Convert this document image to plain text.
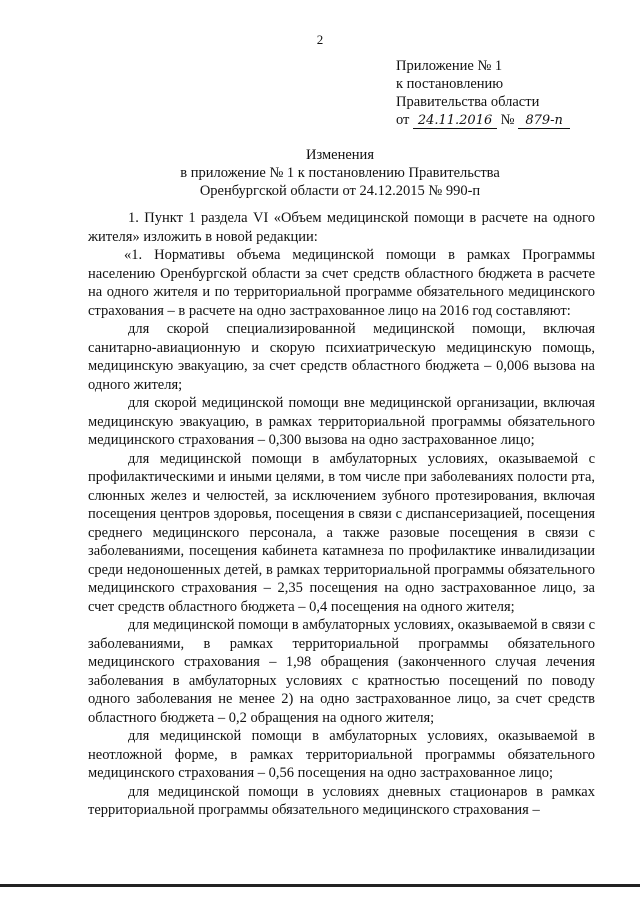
2
Приложение № 1
к постановлению
Правительства области
от 24.11.2016 № 879-п
Изменения
в приложение № 1 к постановлению Правительства
Оренбургской области от 24.12.2015 № 990-п

1. Пункт 1 раздела VI «Объем медицинской помощи в расчете на одного жителя» изложить в новой редакции:

«1. Нормативы объема медицинской помощи в рамках Программы населению Оренбургской области за счет средств областного бюджета в расчете на одного жителя и по территориальной программе обязательного медицинского страхования – в расчете на одно застрахованное лицо на 2016 год составляют:

для скорой специализированной медицинской помощи, включая санитарно-авиационную и скорую психиатрическую медицинскую помощь, медицинскую эвакуацию, за счет средств областного бюджета – 0,006 вызова на одного жителя;

для скорой медицинской помощи вне медицинской организации, включая медицинскую эвакуацию, в рамках территориальной программы обязательного медицинского страхования – 0,300 вызова на одно застрахованное лицо;

для медицинской помощи в амбулаторных условиях, оказываемой с профилактическими и иными целями, в том числе при заболеваниях полости рта, слюнных желез и челюстей, за исключением зубного протезирования, включая посещения центров здоровья, посещения в связи с диспансеризацией, посещения среднего медицинского персонала, а также разовые посещения в связи с заболеваниями, посещения кабинета катамнеза по профилактике инвалидизации среди недоношенных детей, в рамках территориальной программы обязательного медицинского страхования – 2,35 посещения на одно застрахованное лицо, за счет средств областного бюджета – 0,4 посещения на одного жителя;

для медицинской помощи в амбулаторных условиях, оказываемой в связи с заболеваниями, в рамках территориальной программы обязательного медицинского страхования – 1,98 обращения (законченного случая лечения заболевания в амбулаторных условиях с кратностью посещений по поводу одного заболевания не менее 2) на одно застрахованное лицо, за счет средств областного бюджета – 0,2 обращения на одного жителя;

для медицинской помощи в амбулаторных условиях, оказываемой в неотложной форме, в рамках территориальной программы обязательного медицинского страхования – 0,56 посещения на одно застрахованное лицо;

для медицинской помощи в условиях дневных стационаров в рамках территориальной программы обязательного медицинского страхования –
